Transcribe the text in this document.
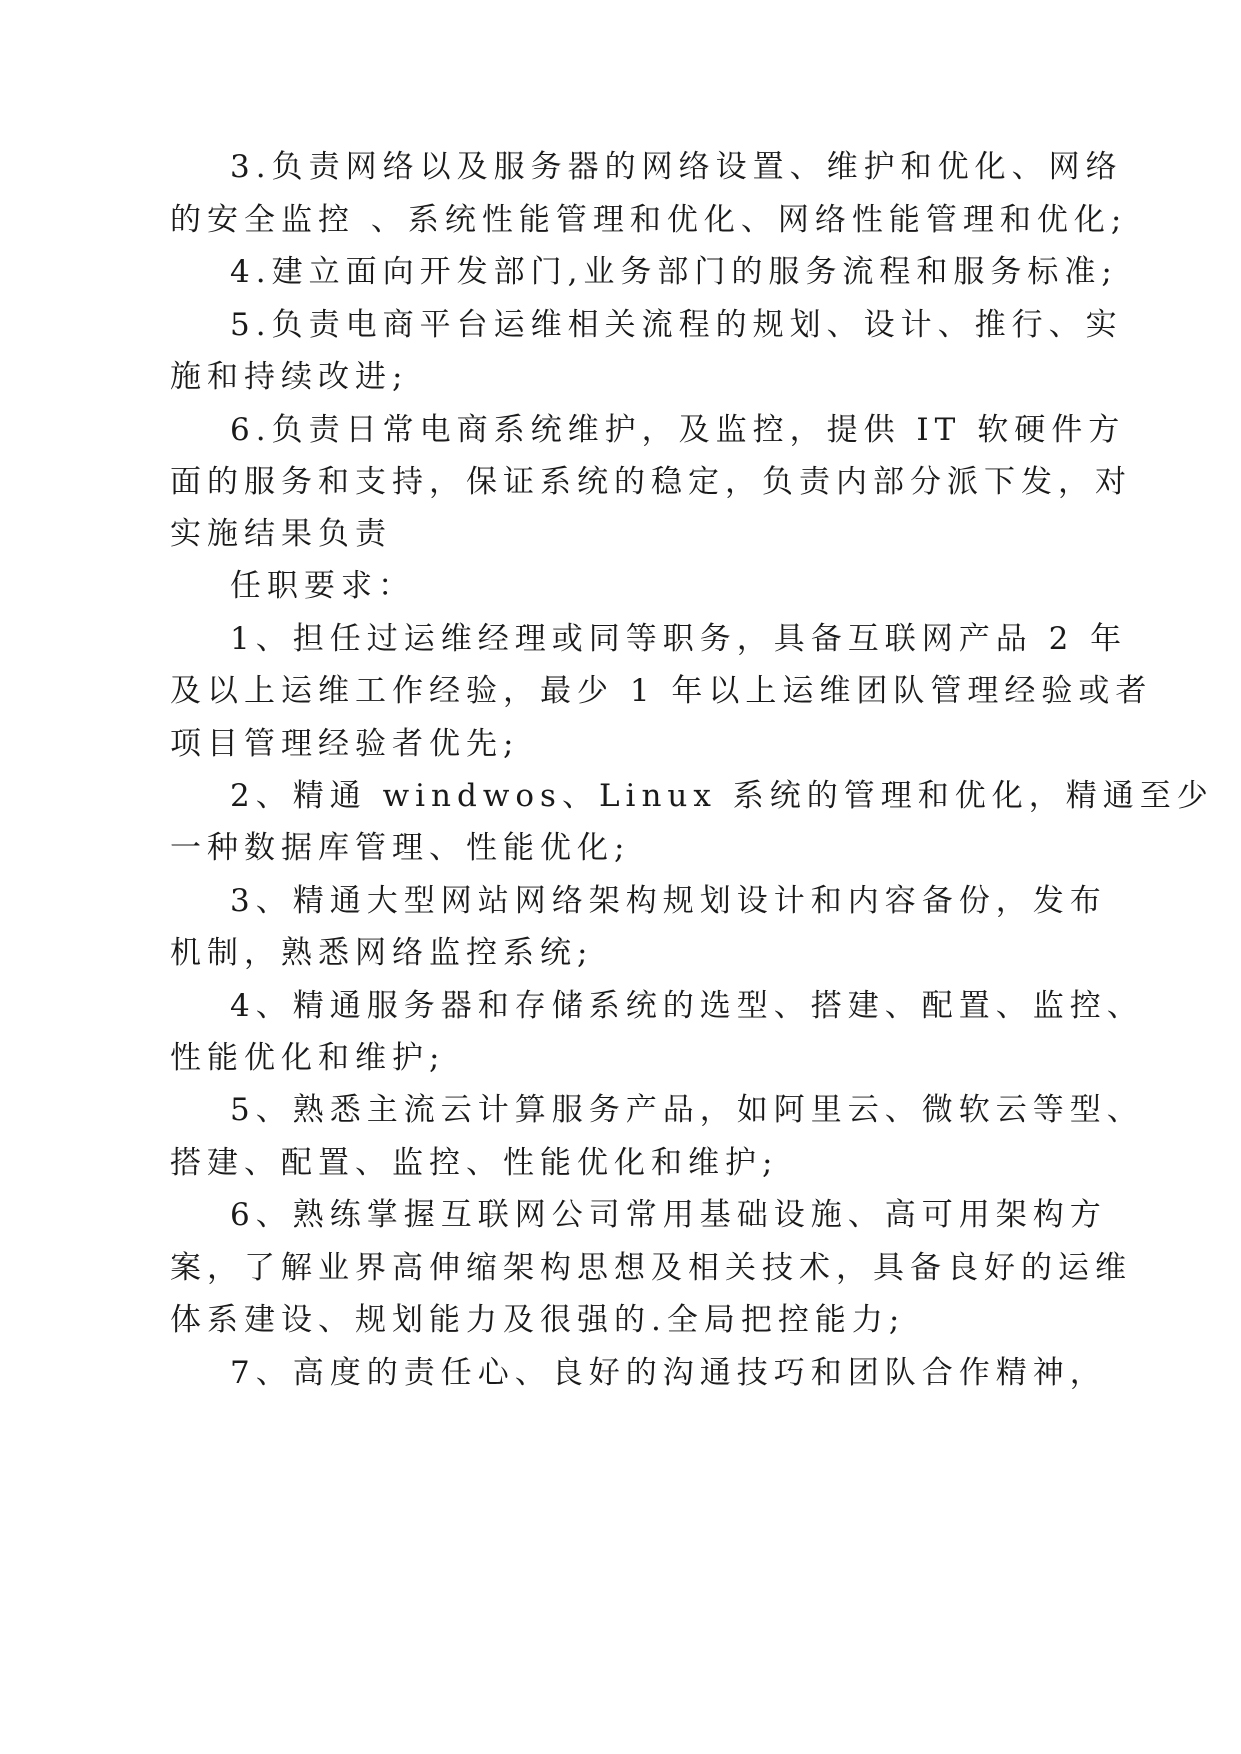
3.负责网络以及服务器的网络设置、维护和优化、网络

的安全监控 、系统性能管理和优化、网络性能管理和优化;

4.建立面向开发部门,业务部门的服务流程和服务标准;

5.负责电商平台运维相关流程的规划、设计、推行、实

施和持续改进;

6.负责日常电商系统维护，及监控，提供 IT 软硬件方

面的服务和支持，保证系统的稳定，负责内部分派下发，对

实施结果负责

任职要求：

1、担任过运维经理或同等职务，具备互联网产品 2 年

及以上运维工作经验，最少 1 年以上运维团队管理经验或者

项目管理经验者优先;

2、精通 windwos、Linux 系统的管理和优化，精通至少

一种数据库管理、性能优化;

3、精通大型网站网络架构规划设计和内容备份，发布

机制，熟悉网络监控系统;

4、精通服务器和存储系统的选型、搭建、配置、监控、

性能优化和维护;

5、熟悉主流云计算服务产品，如阿里云、微软云等型、

搭建、配置、监控、性能优化和维护;

6、熟练掌握互联网公司常用基础设施、高可用架构方

案，了解业界高伸缩架构思想及相关技术，具备良好的运维

体系建设、规划能力及很强的.全局把控能力;

7、高度的责任心、良好的沟通技巧和团队合作精神，
